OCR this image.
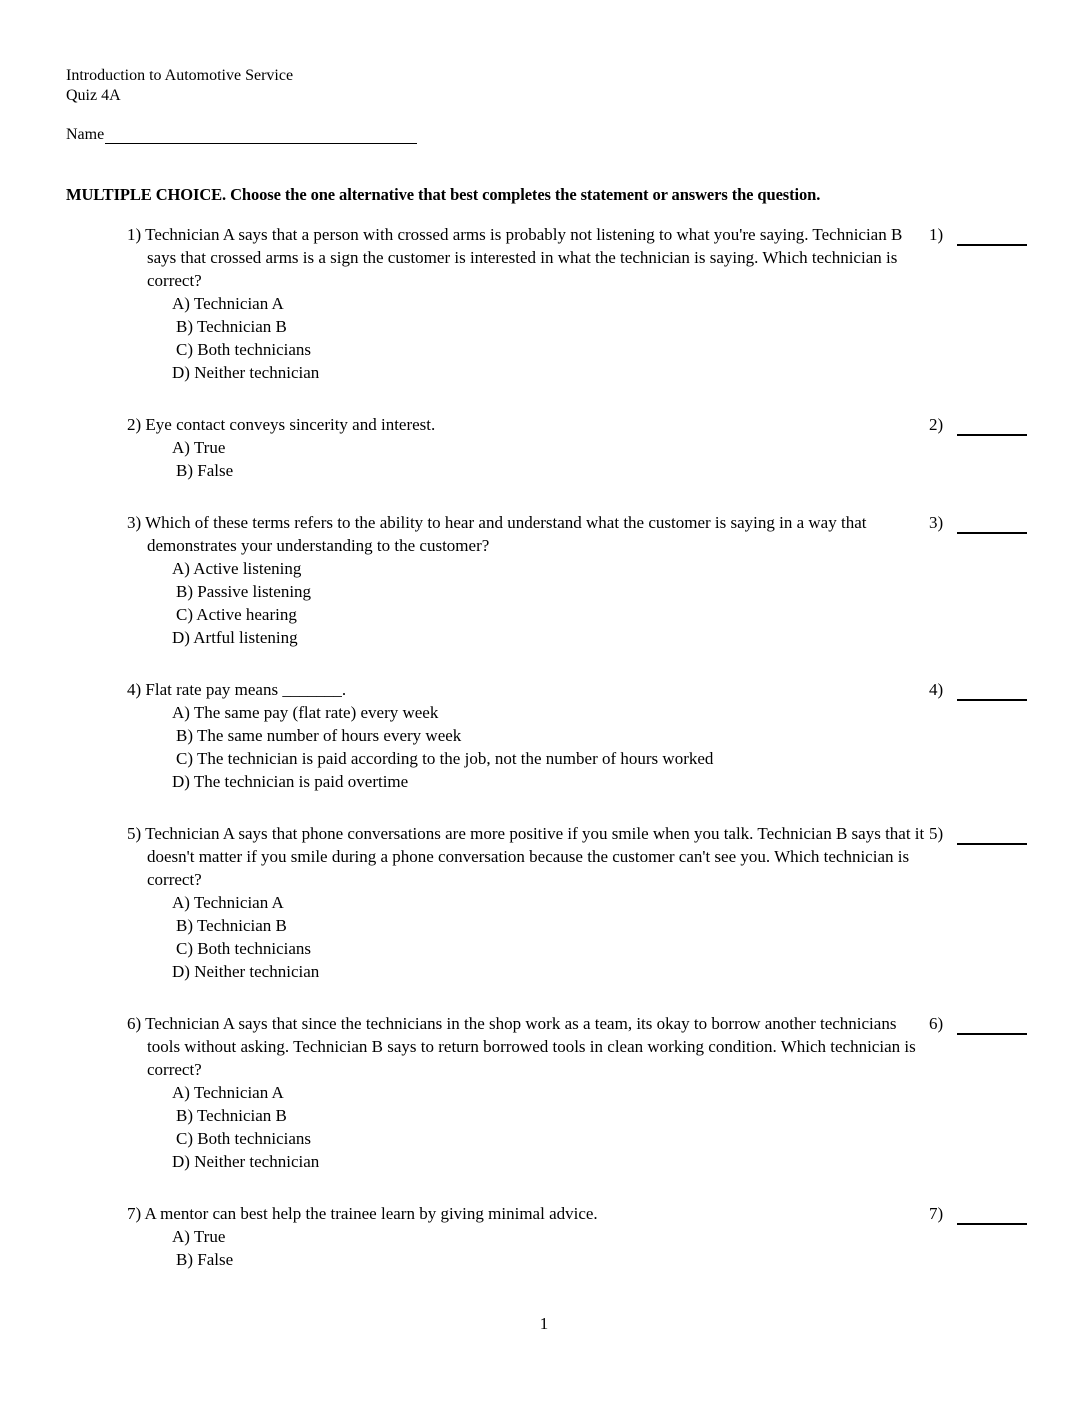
Introduction to Automotive Service
Quiz 4A
Name
MULTIPLE CHOICE. Choose the one alternative that best completes the statement or answers the question.
1) Technician A says that a person with crossed arms is probably not listening to what you're saying. Technician B says that crossed arms is a sign the customer is interested in what the technician is saying. Which technician is correct?
A) Technician A
B) Technician B
C) Both technicians
D) Neither technician
1)
2) Eye contact conveys sincerity and interest.
A) True
B) False
2)
3) Which of these terms refers to the ability to hear and understand what the customer is saying in a way that demonstrates your understanding to the customer?
A) Active listening
B) Passive listening
C) Active hearing
D) Artful listening
3)
4) Flat rate pay means _______.
A) The same pay (flat rate) every week
B) The same number of hours every week
C) The technician is paid according to the job, not the number of hours worked
D) The technician is paid overtime
4)
5) Technician A says that phone conversations are more positive if you smile when you talk. Technician B says that it doesn't matter if you smile during a phone conversation because the customer can't see you. Which technician is correct?
A) Technician A
B) Technician B
C) Both technicians
D) Neither technician
5)
6) Technician A says that since the technicians in the shop work as a team, its okay to borrow another technicians tools without asking. Technician B says to return borrowed tools in clean working condition. Which technician is correct?
A) Technician A
B) Technician B
C) Both technicians
D) Neither technician
6)
7) A mentor can best help the trainee learn by giving minimal advice.
A) True
B) False
7)
1
